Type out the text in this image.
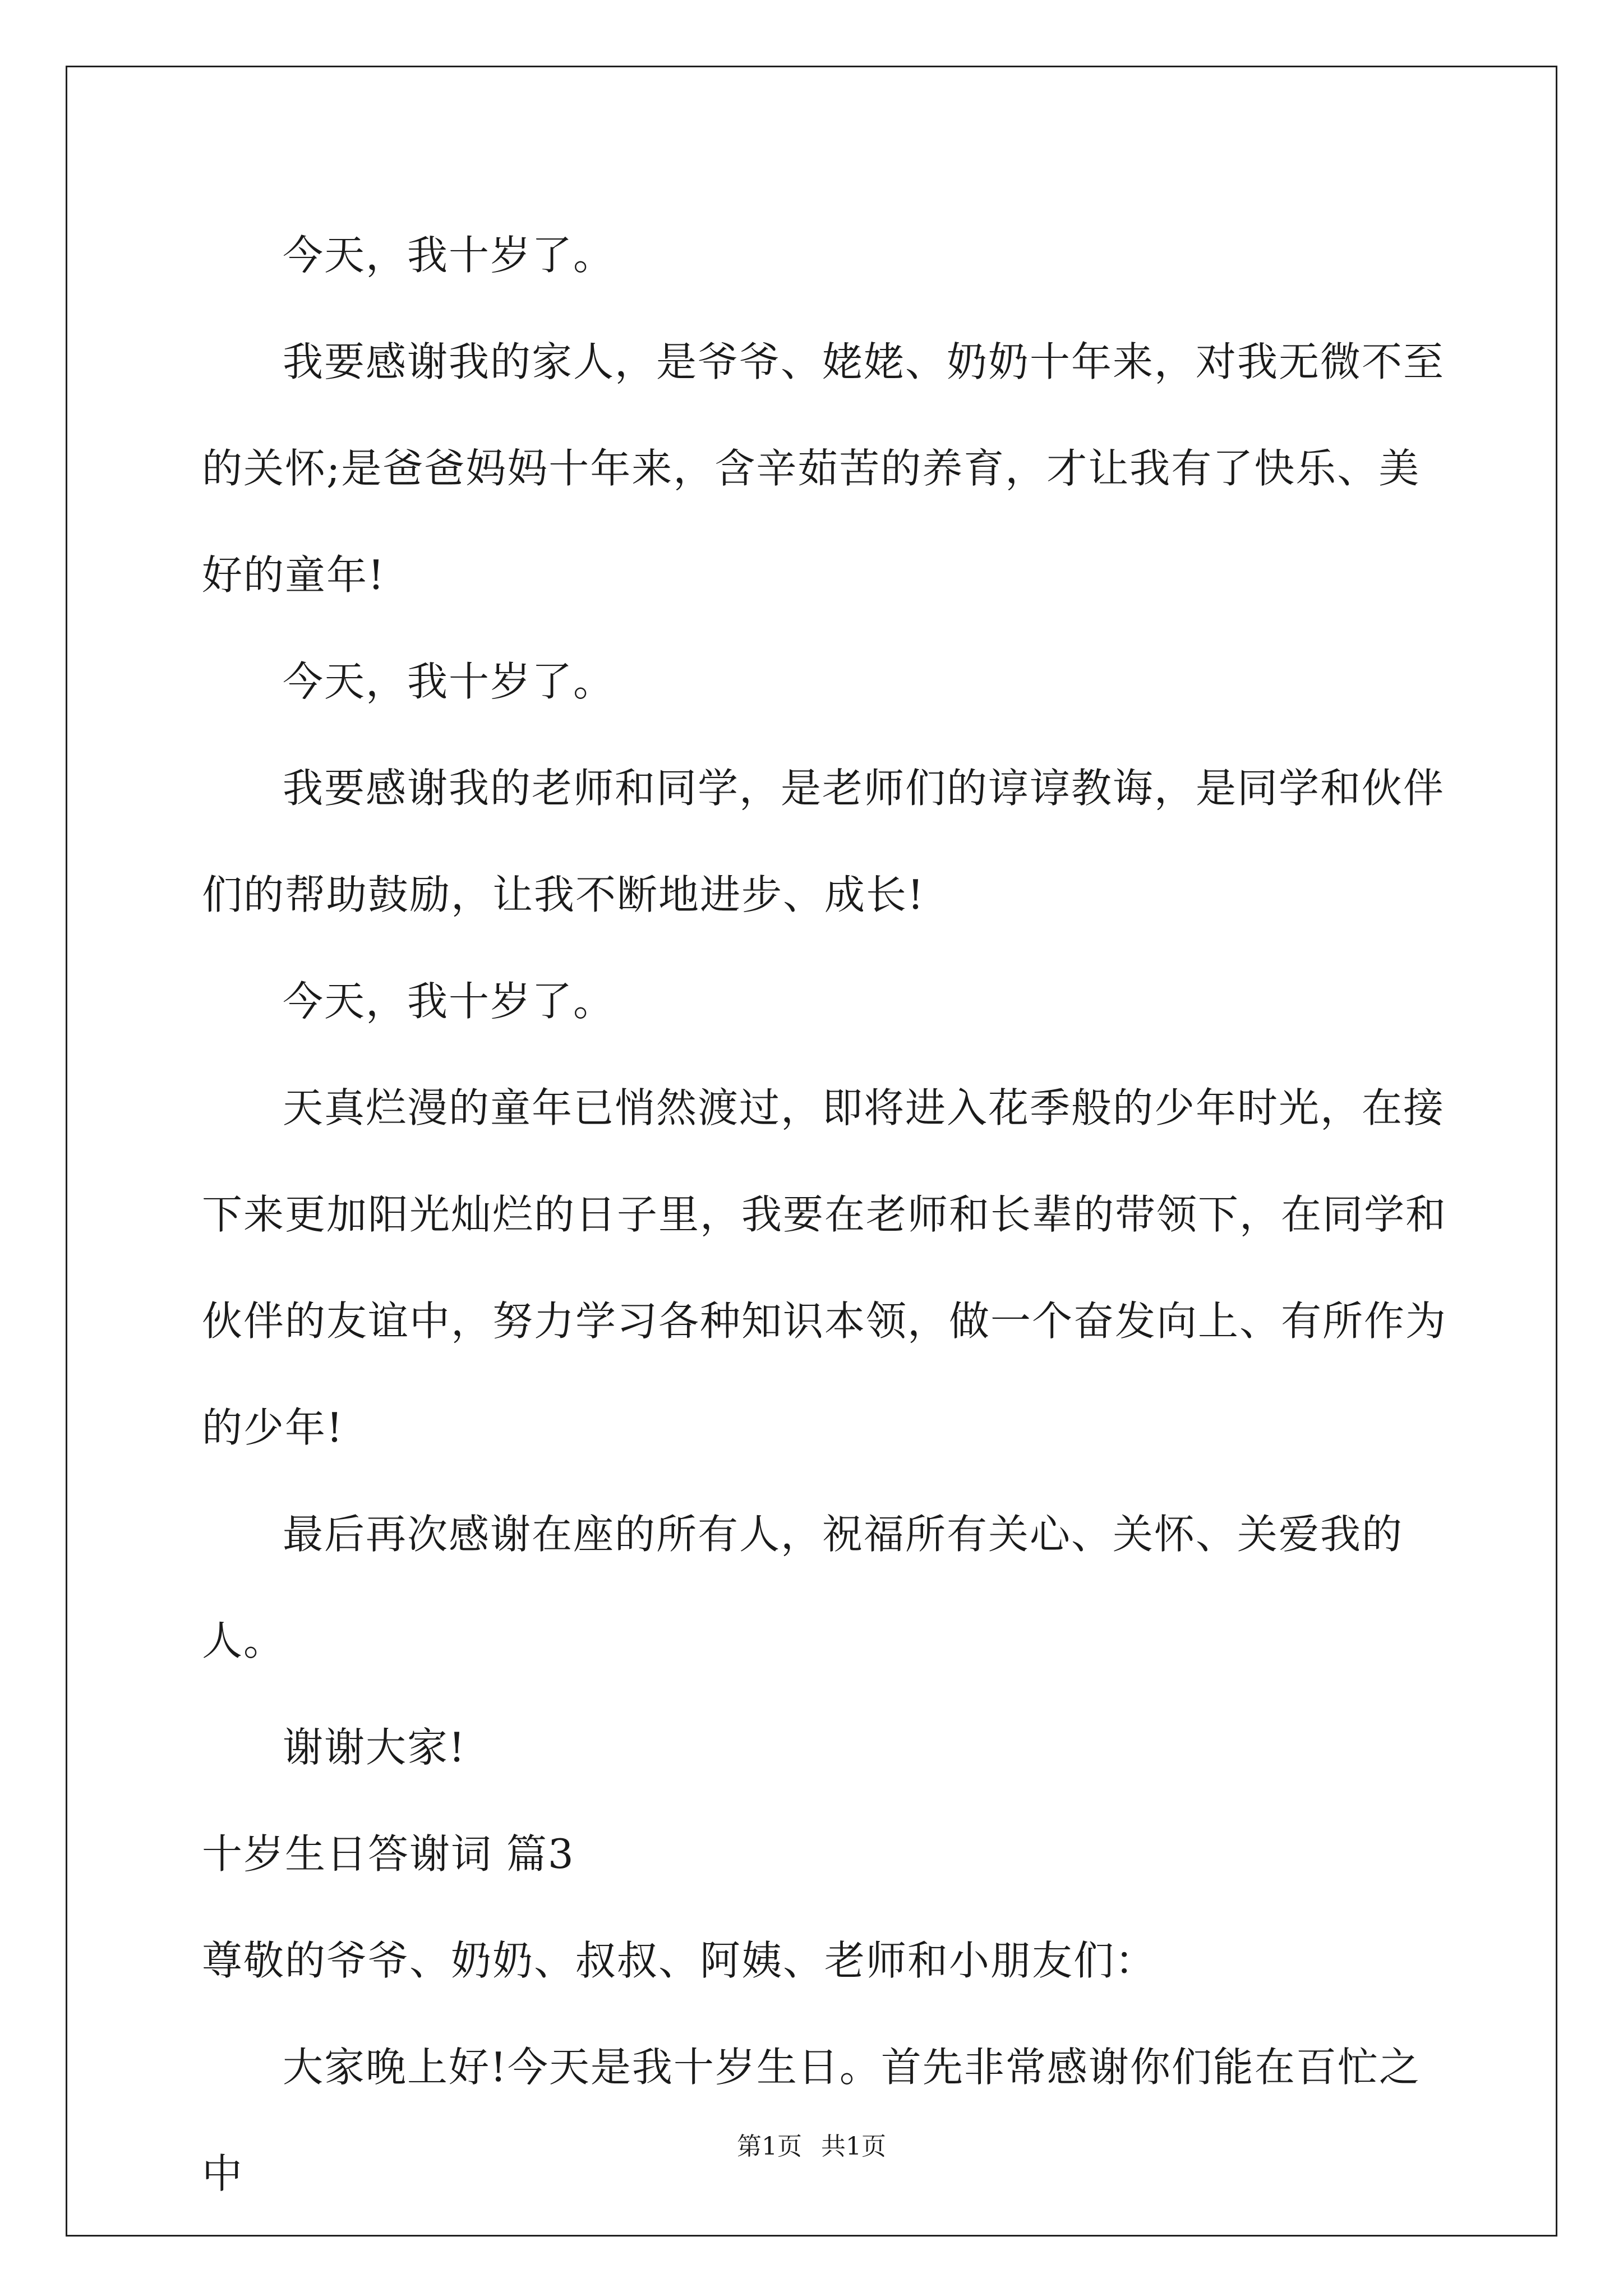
今天，我十岁了。

我要感谢我的家人，是爷爷、姥姥、奶奶十年来，对我无微不至的关怀;是爸爸妈妈十年来，含辛茹苦的养育，才让我有了快乐、美好的童年!

今天，我十岁了。

我要感谢我的老师和同学，是老师们的谆谆教诲，是同学和伙伴们的帮助鼓励，让我不断地进步、成长!

今天，我十岁了。

天真烂漫的童年已悄然渡过，即将进入花季般的少年时光，在接下来更加阳光灿烂的日子里，我要在老师和长辈的带领下，在同学和伙伴的友谊中，努力学习各种知识本领，做一个奋发向上、有所作为的少年!

最后再次感谢在座的所有人，祝福所有关心、关怀、关爱我的人。

谢谢大家!

十岁生日答谢词 篇3

尊敬的爷爷、奶奶、叔叔、阿姨、老师和小朋友们：

大家晚上好!今天是我十岁生日。首先非常感谢你们能在百忙之中

第1页 共1页
